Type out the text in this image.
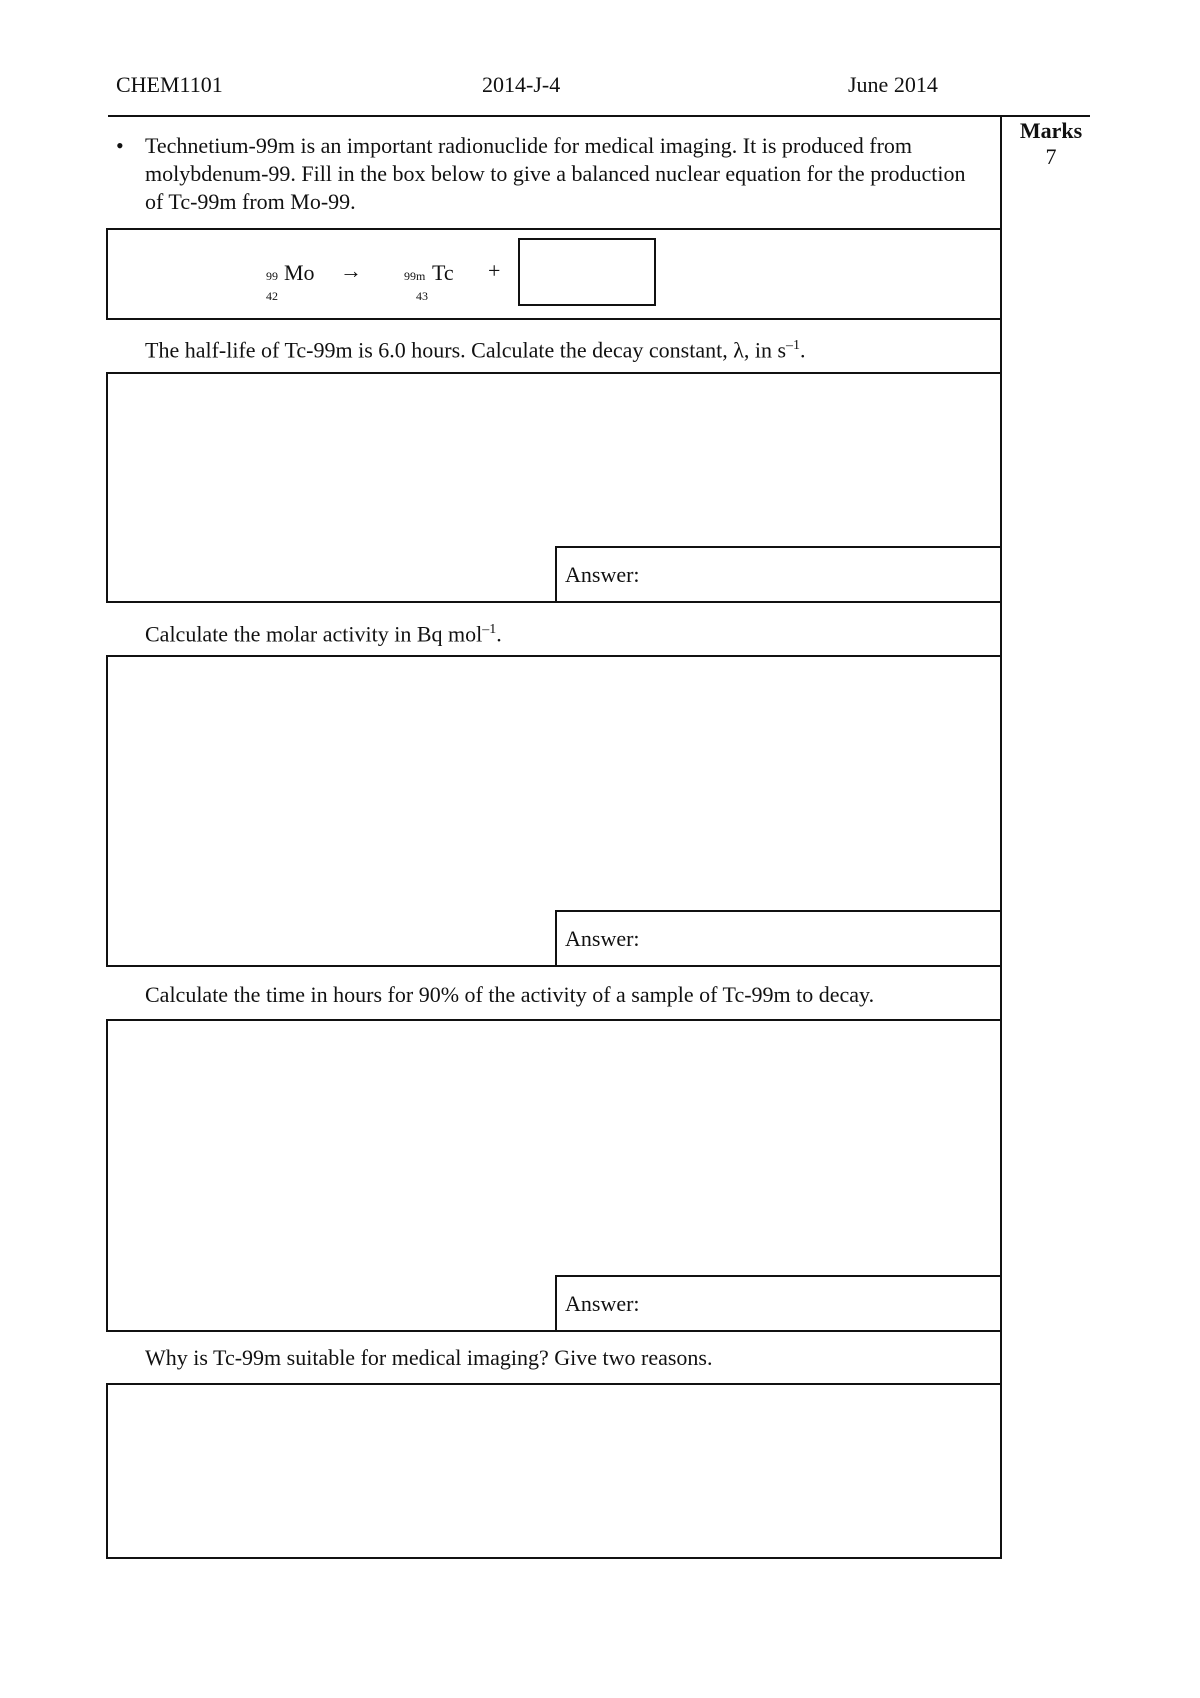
CHEM1101	2014-J-4	June 2014
Marks
7
• Technetium-99m is an important radionuclide for medical imaging. It is produced from molybdenum-99. Fill in the box below to give a balanced nuclear equation for the production of Tc-99m from Mo-99.
99
42
Mo →	99m
43
Tc +
The half-life of Tc-99m is 6.0 hours. Calculate the decay constant, λ, in $s^{-1}$.
Answer:
Calculate the molar activity in Bq mol$^{-1}$.
Answer:
Calculate the time in hours for 90% of the activity of a sample of Tc-99m to decay.
Answer:
Why is Tc-99m suitable for medical imaging? Give two reasons.
